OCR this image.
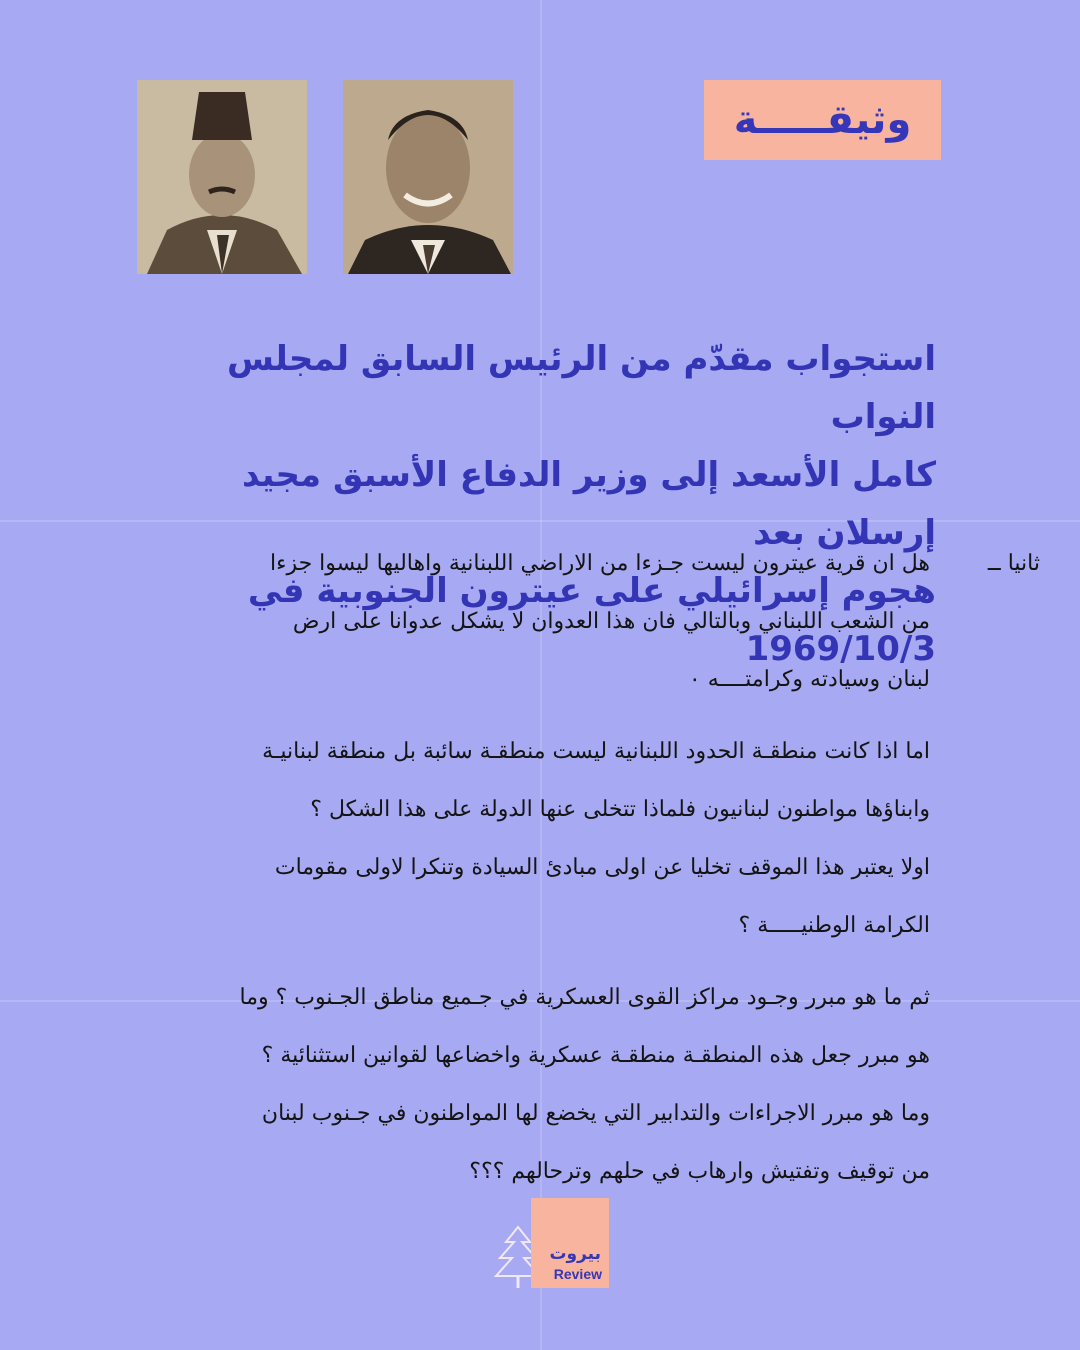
وثيقـــــة
استجواب مقدّم من الرئيس السابق لمجلس النواب
كامل الأسعد إلى وزير الدفاع الأسبق مجيد إرسلان بعد
هجوم إسرائيلي على عيترون الجنوبية في 1969/10/3
ثانيا ــ

هل ان قرية عيترون ليست جـزءا من الاراضي اللبنانية واهاليها ليسوا جزءا

من الشعب اللبناني وبالتالي فان هذا العدوان لا يشكل عدوانا على ارض

لبنان وسيادته وكرامتــــه ٠

اما اذا كانت منطقـة الحدود اللبنانية ليست منطقـة سائبة بل منطقة لبنانيـة

وابناؤها مواطنون لبنانيون فلماذا تتخلى عنها الدولة على هذا الشكل ؟

اولا يعتبر هذا الموقف تخليا عن اولى مبادئ السيادة وتنكرا لاولى مقومات

الكرامة الوطنيـــــة ؟

ثم ما هو مبرر وجـود مراكز القوى العسكرية في جـميع مناطق الجـنوب ؟ وما

هو مبرر جعل هذه المنطقـة منطقـة عسكرية واخضاعها لقوانين استثنائية ؟

وما هو مبرر الاجراءات والتدابير التي يخضع لها المواطنون في جـنوب لبنان

من توقيف وتفتيش وارهاب في حلهم وترحالهم ؟؟؟

بيروت
Review
